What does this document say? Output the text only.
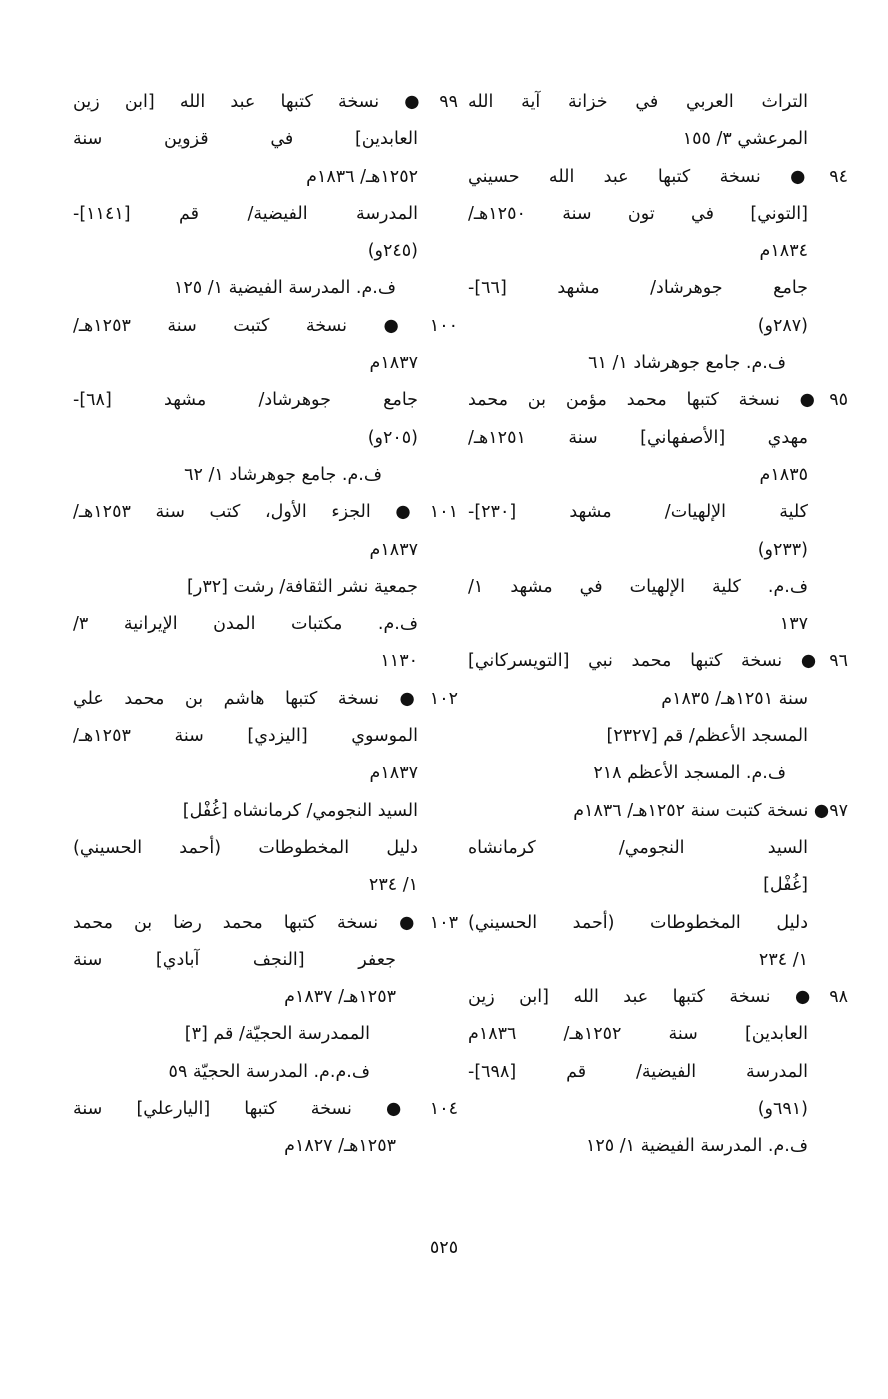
التراث العربي في خزانة آية الله
المرعشي ٣/ ١٥٥
٩٤● نسخة كتبها عبد الله حسيني
[التوني] في تون سنة ١٢٥٠هـ/
١٨٣٤م
جامع جوهرشاد/ مشهد [٦٦]-
(٢٨٧و)
ف.م. جامع جوهرشاد ١/ ٦١
٩٥● نسخة كتبها محمد مؤمن بن محمد
مهدي [الأصفهاني] سنة ١٢٥١هـ/
١٨٣٥م
كلية الإلهيات/ مشهد [٢٣٠]-
(٢٣٣و)
ف.م. كلية الإلهيات في مشهد ١/
١٣٧
٩٦● نسخة كتبها محمد نبي [التويسركاني]
سنة ١٢٥١هـ/ ١٨٣٥م
المسجد الأعظم/ قم [٢٣٢٧]
ف.م. المسجد الأعظم ٢١٨
٩٧● نسخة كتبت سنة ١٢٥٢هـ/ ١٨٣٦م
السيد النجومي/ كرمانشاه
[غُفْل]
دليل المخطوطات (أحمد الحسيني)
١/ ٢٣٤
٩٨● نسخة كتبها عبد الله [ابن زين
العابدين] سنة ١٢٥٢هـ/ ١٨٣٦م
المدرسة الفيضية/ قم [٦٩٨]-
(٦٩١و)
ف.م. المدرسة الفيضية ١/ ١٢٥
٩٩● نسخة كتبها عبد الله [ابن زين
العابدين] في قزوين سنة
١٢٥٢هـ/ ١٨٣٦م
المدرسة الفيضية/ قم [١١٤١]-
(٢٤٥و)
ف.م. المدرسة الفيضية ١/ ١٢٥
١٠٠● نسخة كتبت سنة ١٢٥٣هـ/
١٨٣٧م
جامع جوهرشاد/ مشهد [٦٨]-
(٢٠٥و)
ف.م. جامع جوهرشاد ١/ ٦٢
١٠١● الجزء الأول، كتب سنة ١٢٥٣هـ/
١٨٣٧م
جمعية نشر الثقافة/ رشت [٣٢ر]
ف.م. مكتبات المدن الإيرانية ٣/
١١٣٠
١٠٢● نسخة كتبها هاشم بن محمد علي
الموسوي [اليزدي] سنة ١٢٥٣هـ/
١٨٣٧م
السيد النجومي/ كرمانشاه [غُفْل]
دليل المخطوطات (أحمد الحسيني)
١/ ٢٣٤
١٠٣● نسخة كتبها محمد رضا بن محمد
جعفر [النجف آبادي] سنة
١٢٥٣هـ/ ١٨٣٧م
الممدرسة الحجيّة/ قم [٣]
ف.م.م. المدرسة الحجيّة ٥٩
١٠٤● نسخة كتبها [اليارعلي] سنة
١٢٥٣هـ/ ١٨٢٧م
٥٢٥
